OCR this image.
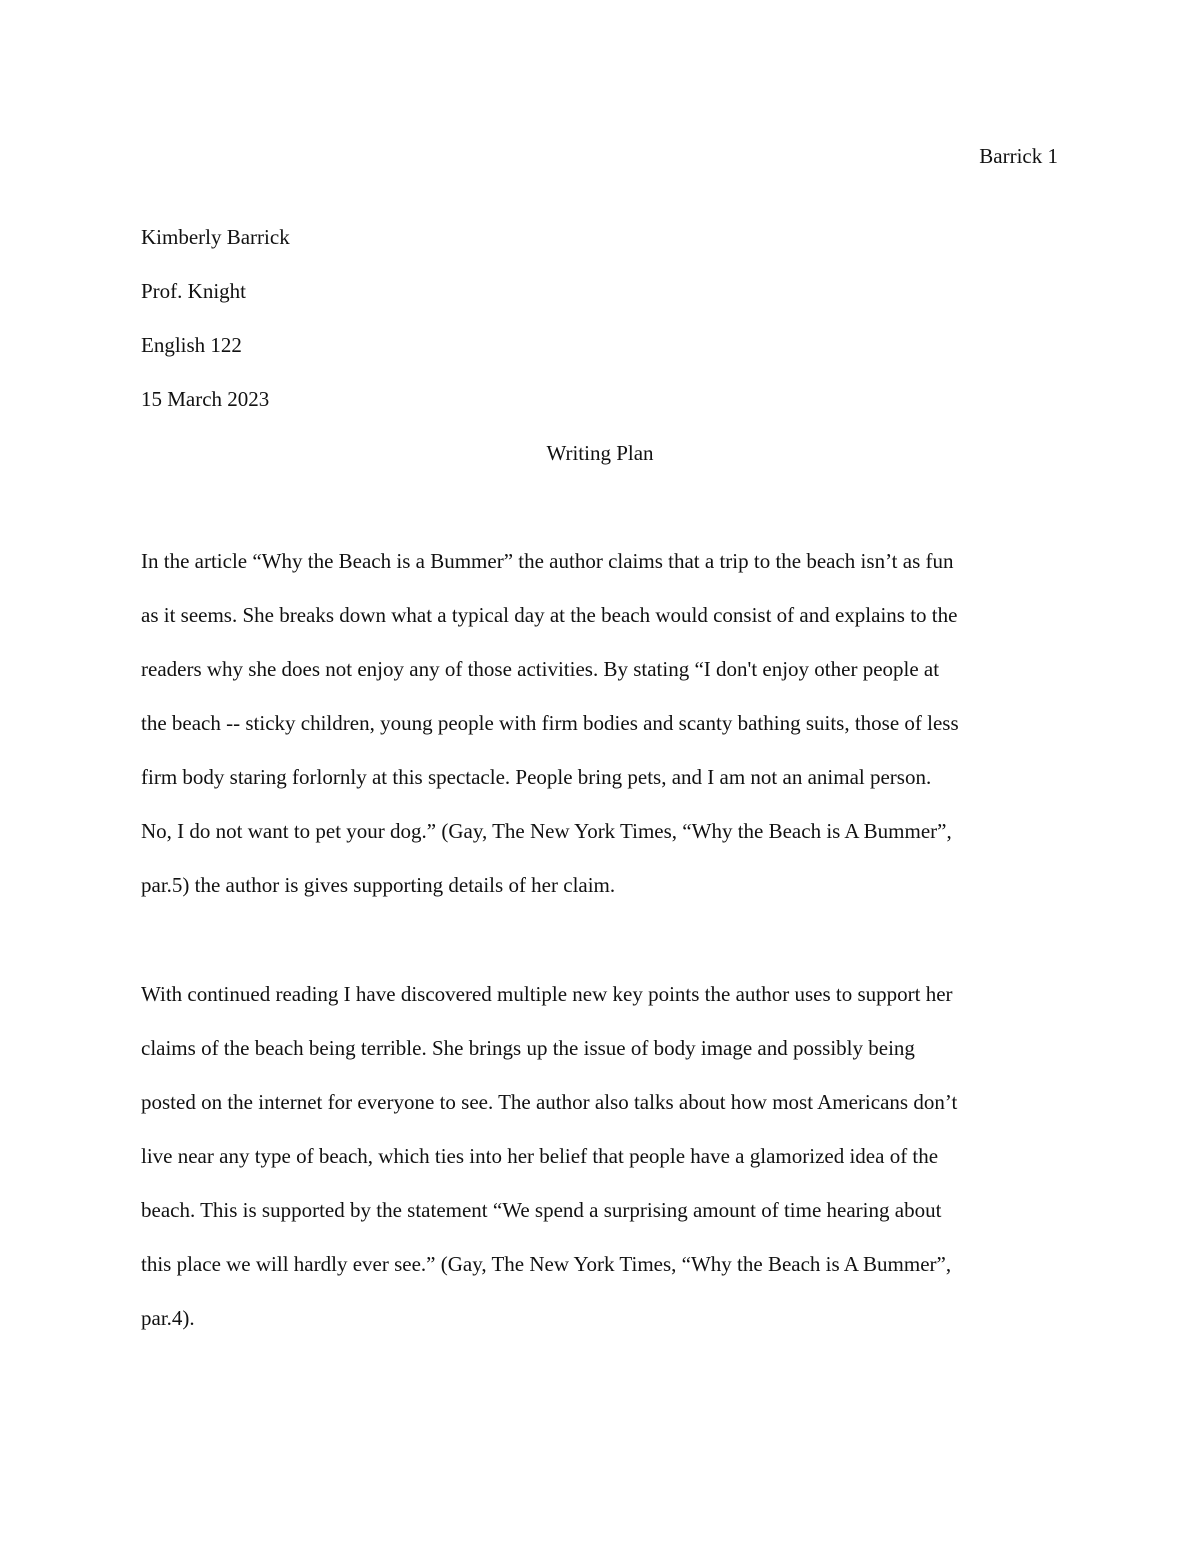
Barrick 1
Kimberly Barrick
Prof. Knight
English 122
15 March 2023
Writing Plan
In the article “Why the Beach is a Bummer” the author claims that a trip to the beach isn’t as fun
as it seems. She breaks down what a typical day at the beach would consist of and explains to the
readers why she does not enjoy any of those activities. By stating “I don't enjoy other people at
the beach -- sticky children, young people with firm bodies and scanty bathing suits, those of less
firm body staring forlornly at this spectacle. People bring pets, and I am not an animal person.
No, I do not want to pet your dog.” (Gay, The New York Times, “Why the Beach is A Bummer”,
par.5) the author is gives supporting details of her claim.
With continued reading I have discovered multiple new key points the author uses to support her
claims of the beach being terrible. She brings up the issue of body image and possibly being
posted on the internet for everyone to see. The author also talks about how most Americans don’t
live near any type of beach, which ties into her belief that people have a glamorized idea of the
beach. This is supported by the statement “We spend a surprising amount of time hearing about
this place we will hardly ever see.” (Gay, The New York Times, “Why the Beach is A Bummer”,
par.4).
